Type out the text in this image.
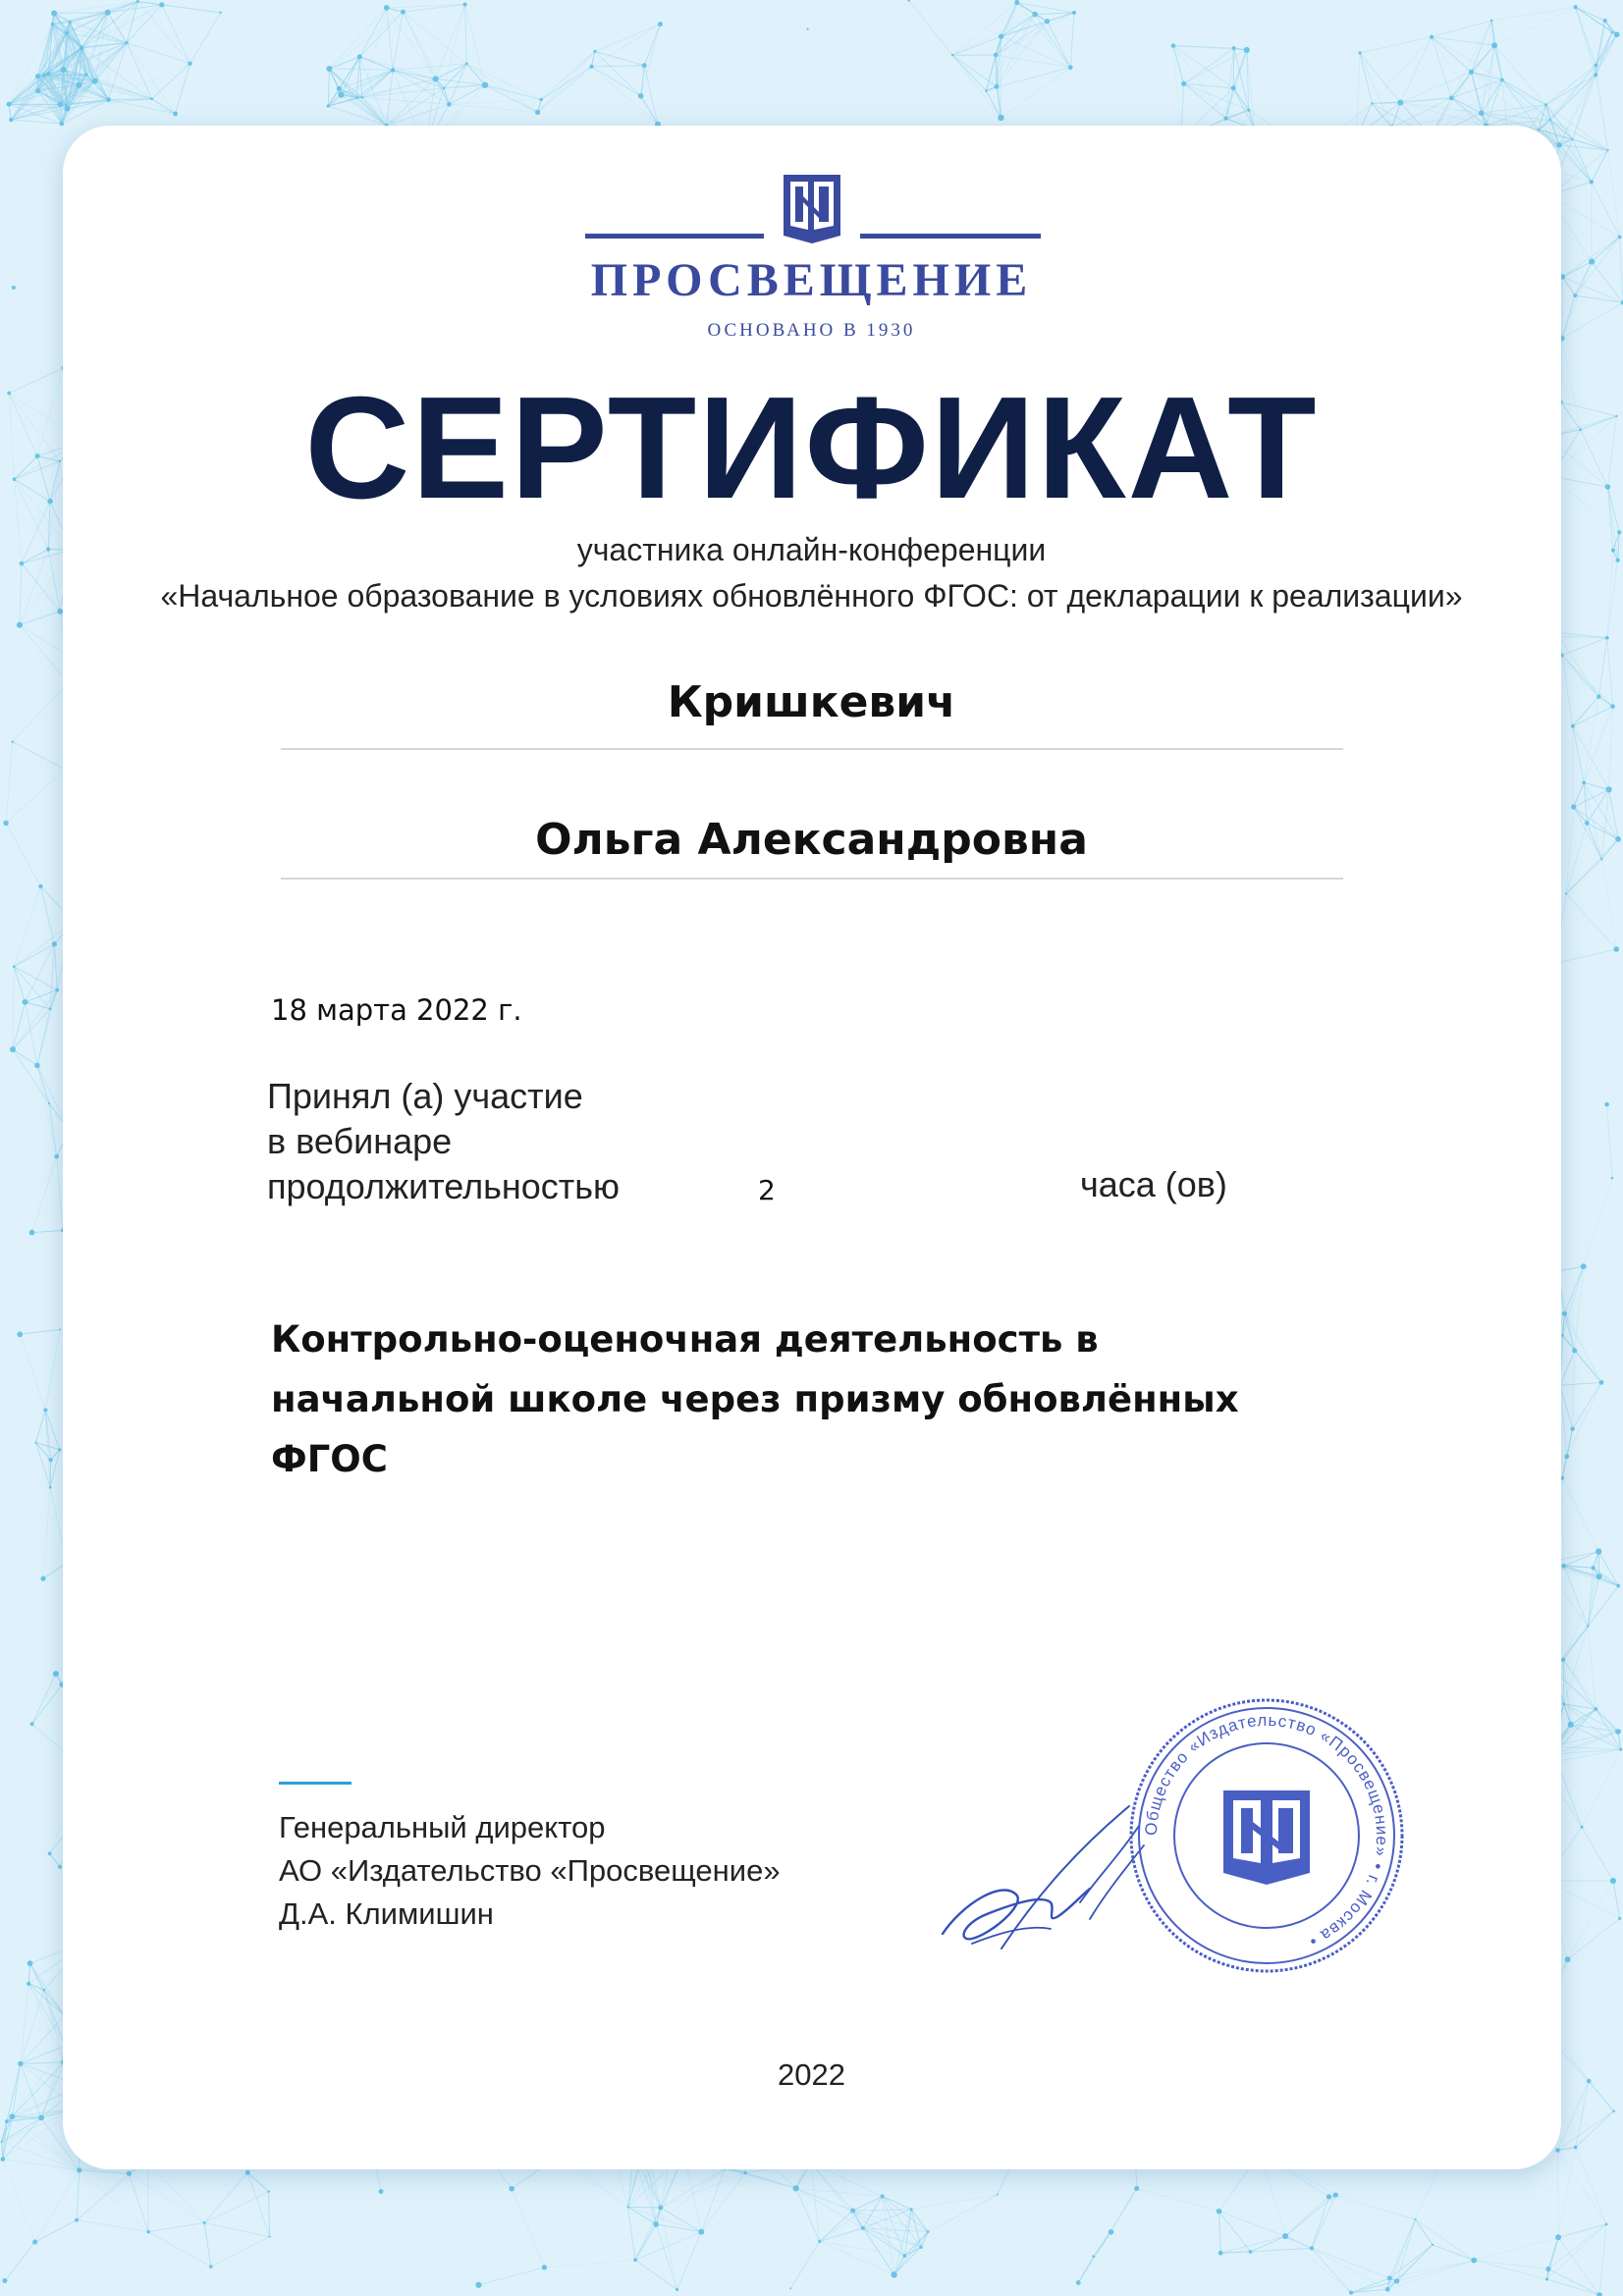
ПРОСВЕЩЕНИЕ
ОСНОВАНО В 1930
СЕРТИФИКАТ
участника онлайн-конференции
«Начальное образование в условиях обновлённого ФГОС: от декларации к реализации»
Кришкевич
Ольга Александровна
18 марта 2022 г.
Принял (а) участие
в вебинаре
продолжительностью	2	часа (ов)
Контрольно-оценочная деятельность в начальной школе через призму обновлённых ФГОС
Генеральный директор
АО «Издательство «Просвещение»
Д.А. Климишин
Общество «Издательство «Просвещение» • г. Москва •
2022
